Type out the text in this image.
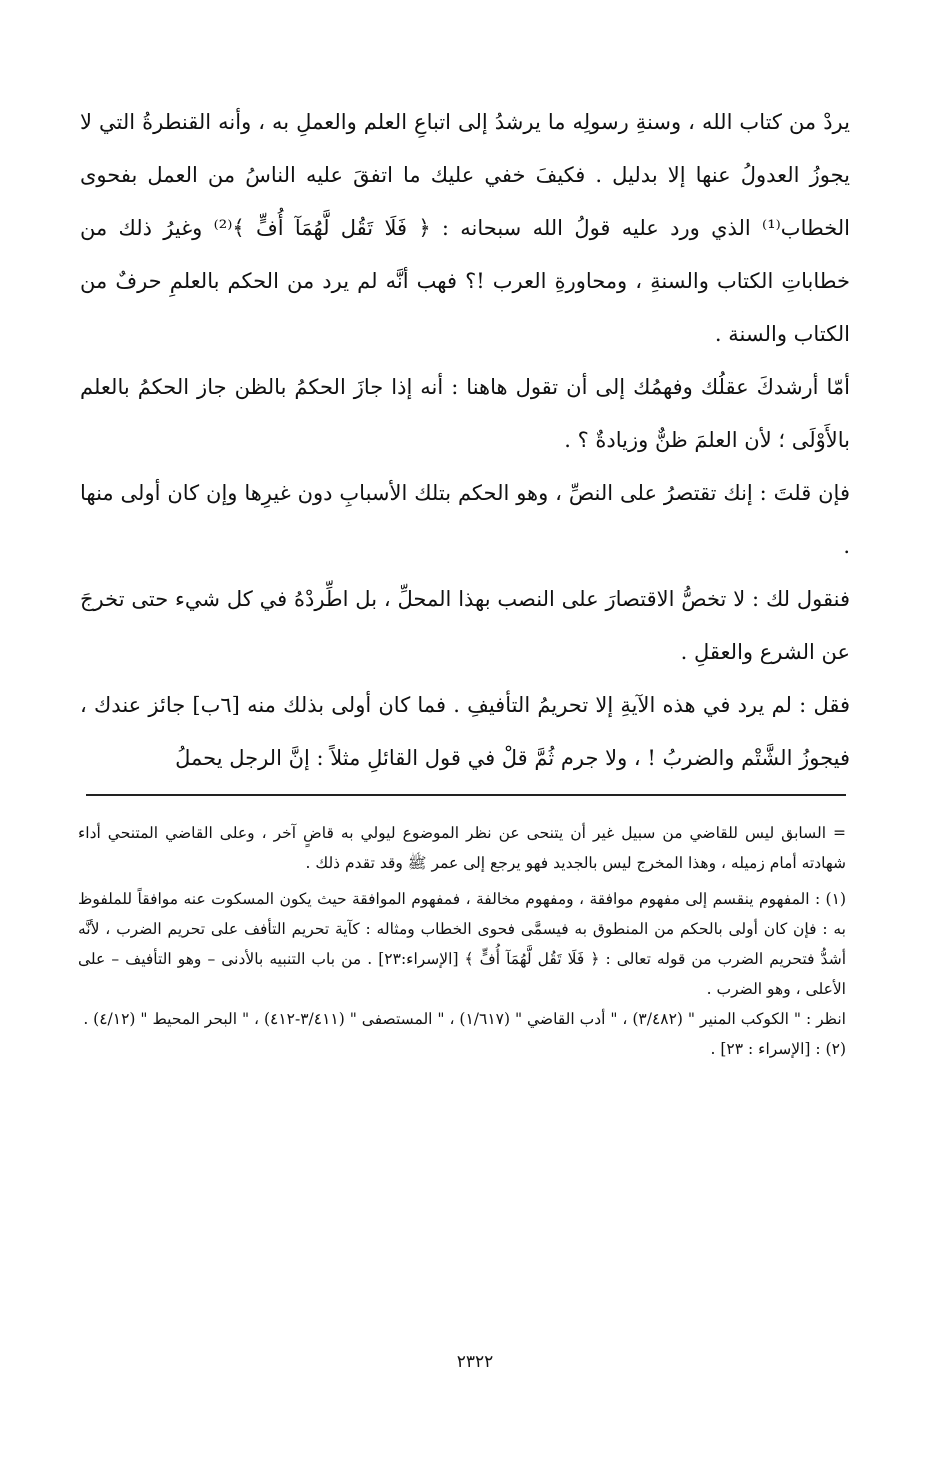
يردْ من كتاب الله ، وسنةِ رسولِه ما يرشدُ إلى اتباعِ العلم والعملِ به ، وأنه القنطرةُ التي لا يجوزُ العدولُ عنها إلا بدليل . فكيفَ خفي عليك ما اتفقَ عليه الناسُ من العمل بفحوى الخطاب⁽¹⁾ الذي ورد عليه قولُ الله سبحانه : ﴿ فَلَا تَقُل لَّهُمَآ أُفٍّ ﴾⁽²⁾ وغيرُ ذلك من خطاباتِ الكتاب والسنةِ ، ومحاورةِ العرب !؟ فهب أنَّه لم يرد من الحكم بالعلمِ حرفٌ من الكتاب والسنة .

أمّا أرشدكَ عقلُك وفهمُك إلى أن تقول هاهنا : أنه إذا جازَ الحكمُ بالظن جاز الحكمُ بالعلم بالأَوْلَى ؛ لأن العلمَ ظنٌّ وزيادةٌ ؟ .

فإن قلتَ : إنك تقتصرُ على النصِّ ، وهو الحكم بتلك الأسبابِ دون غيرِها وإن كان أولى منها .

فنقول لك : لا تخصُّ الاقتصارَ على النصب بهذا المحلِّ ، بل اطِّردْهُ في كل شيء حتى تخرجَ عن الشرع والعقلِ .

فقل : لم يرد في هذه الآيةِ إلا تحريمُ التأفيفِ . فما كان أولى بذلك منه [٦ب] جائز عندك ، فيجوزُ الشَّتْم والضربُ ! ، ولا جرم ثُمَّ قلْ في قول القائلِ مثلاً : إنَّ الرجل يحملُ

= السابق ليس للقاضي من سبيل غير أن يتنحى عن نظر الموضوع ليولي به قاضٍ آخر ، وعلى القاضي المتنحي أداء شهادته أمام زميله ، وهذا المخرج ليس بالجديد فهو يرجع إلى عمر ﷺ وقد تقدم ذلك .

(١) : المفهوم ينقسم إلى مفهوم موافقة ، ومفهوم مخالفة ، فمفهوم الموافقة حيث يكون المسكوت عنه موافقاً للملفوظ به : فإن كان أولى بالحكم من المنطوق به فيسمَّى فحوى الخطاب ومثاله : كآية تحريم التأفف على تحريم الضرب ، لأنَّه أشدُّ فتحريم الضرب من قوله تعالى : ﴿ فَلَا تَقُل لَّهُمَآ أُفٍّ ﴾ [الإسراء:٢٣] . من باب التنبيه بالأدنى – وهو التأفيف – على الأعلى ، وهو الضرب .

انظر : " الكوكب المنير " (٣/٤٨٢) ، " أدب القاضي " (١/٦١٧) ، " المستصفى " (٣/٤١١-٤١٢) ، " البحر المحيط " (٤/١٢) .

(٢) : [الإسراء : ٢٣] .

٢٣٢٢
